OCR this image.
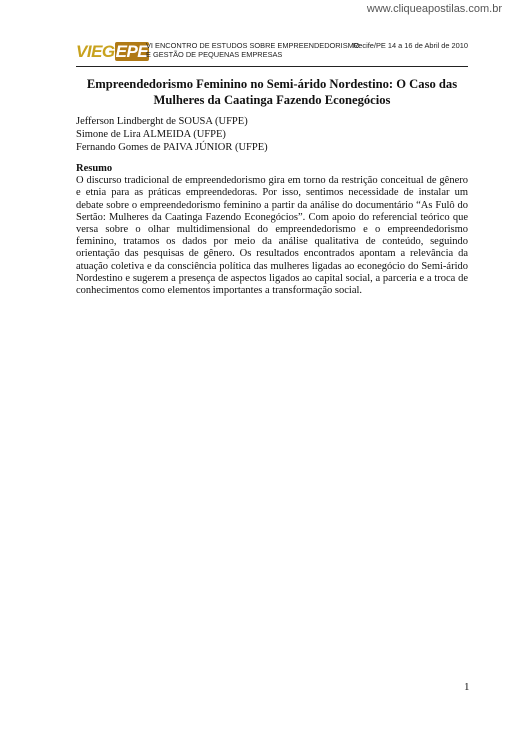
www.cliqueapostilas.com.br
VIEGEPE
VI ENCONTRO DE ESTUDOS SOBRE EMPREENDEDORISMO
E GESTÃO DE PEQUENAS EMPRESAS
Recife/PE 14 a 16 de Abril de 2010
Empreendedorismo Feminino no Semi-árido Nordestino: O Caso das
Mulheres da Caatinga Fazendo Econegócios
Jefferson Lindberght de SOUSA (UFPE)
Simone de Lira ALMEIDA (UFPE)
Fernando Gomes de PAIVA JÚNIOR (UFPE)
Resumo

O discurso tradicional de empreendedorismo gira em torno da restrição conceitual de gênero e etnia para as práticas empreendedoras. Por isso, sentimos necessidade de instalar um debate sobre o empreendedorismo feminino a partir da análise do documentário “As Fulô do Sertão: Mulheres da Caatinga Fazendo Econegócios”. Com apoio do referencial teórico que versa sobre o olhar multidimensional do empreendedorismo e o empreendedorismo feminino, tratamos os dados por meio da análise qualitativa de conteúdo, seguindo orientação das pesquisas de gênero. Os resultados encontrados apontam a relevância da atuação coletiva e da consciência política das mulheres ligadas ao econegócio do Semi-árido Nordestino e sugerem a presença de aspectos ligados ao capital social, a parceria e a troca de conhecimentos como elementos importantes a transformação social.

1
